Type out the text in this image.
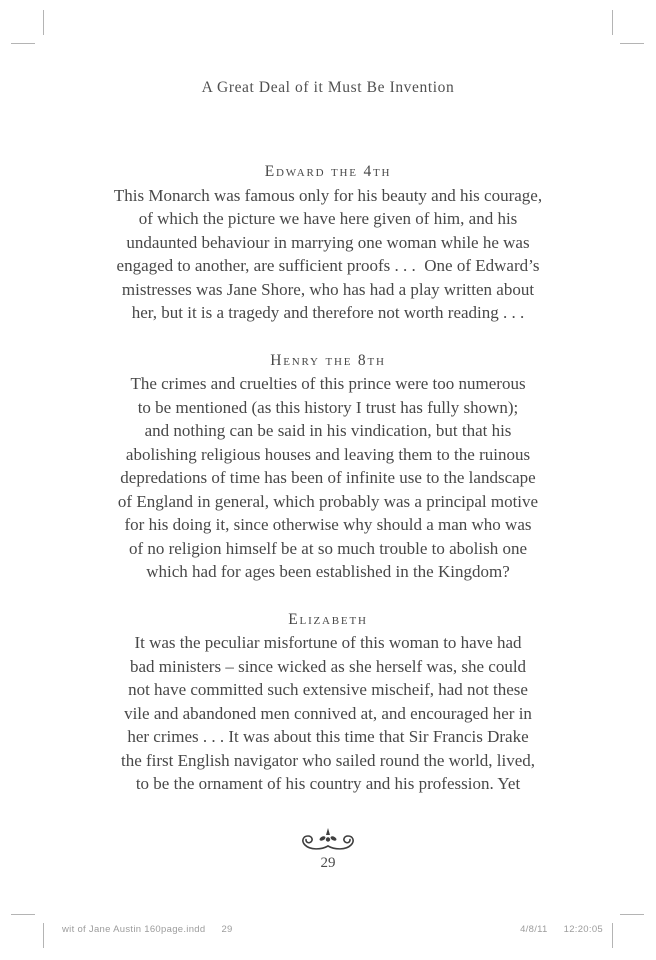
A Great Deal of it Must Be Invention
Edward the 4th
This Monarch was famous only for his beauty and his courage,
of which the picture we have here given of him, and his
undaunted behaviour in marrying one woman while he was
engaged to another, are sufficient proofs . . .  One of Edward’s
mistresses was Jane Shore, who has had a play written about
her, but it is a tragedy and therefore not worth reading . . .
Henry the 8th
The crimes and cruelties of this prince were too numerous
to be mentioned (as this history I trust has fully shown);
and nothing can be said in his vindication, but that his
abolishing religious houses and leaving them to the ruinous
depredations of time has been of infinite use to the landscape
of England in general, which probably was a principal motive
for his doing it, since otherwise why should a man who was
of no religion himself be at so much trouble to abolish one
which had for ages been established in the Kingdom?
Elizabeth
It was the peculiar misfortune of this woman to have had
bad ministers – since wicked as she herself was, she could
not have committed such extensive mischeif, had not these
vile and abandoned men connived at, and encouraged her in
her crimes . . . It was about this time that Sir Francis Drake
the first English navigator who sailed round the world, lived,
to be the ornament of his country and his profession. Yet
29
wit of Jane Austin 160page.indd 29	4/8/11 12:20:05
